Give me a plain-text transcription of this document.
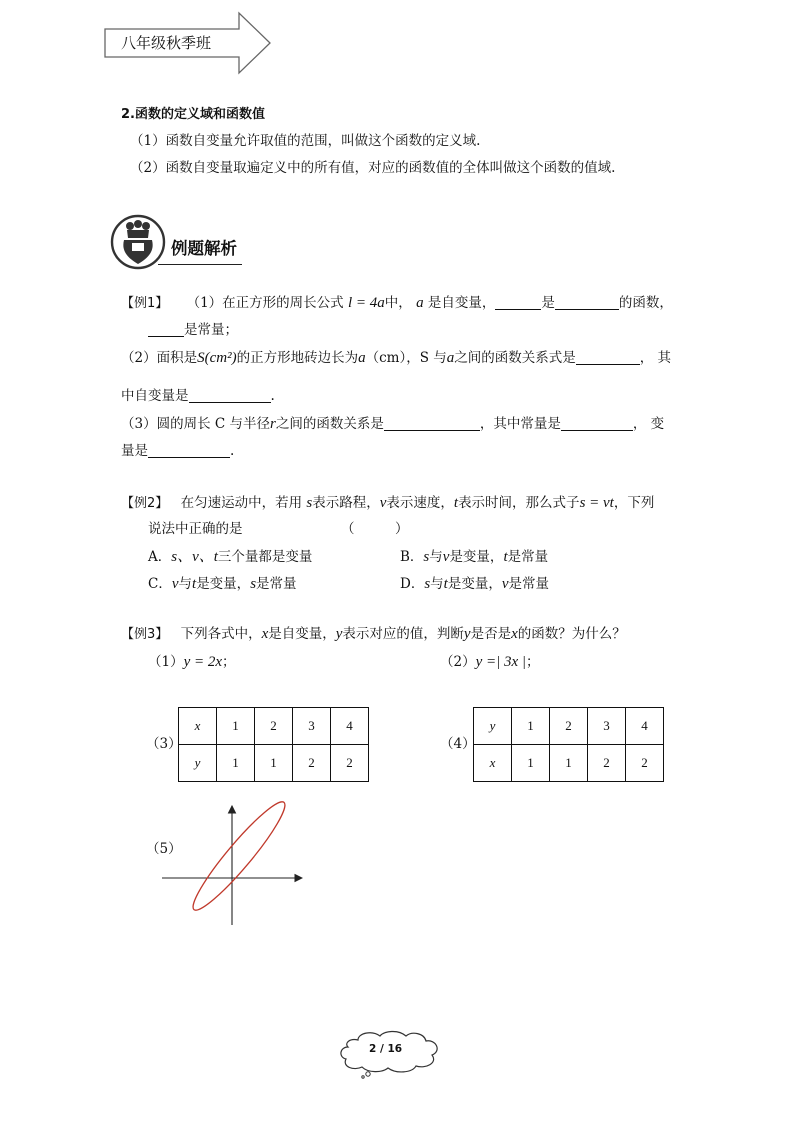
八年级秋季班
2.函数的定义域和函数值
（1）函数自变量允许取值的范围，叫做这个函数的定义域.
（2）函数自变量取遍定义中的所有值，对应的函数值的全体叫做这个函数的值域.
例题解析
【例1】 （1）在正方形的周长公式 l = 4a中， a 是自变量，	是	的函数，
是常量；
（2）面积是S(cm²)的正方形地砖边长为a（cm），S 与a之间的函数关系式是	， 其
中自变量是	.
（3）圆的周长 C 与半径r之间的函数关系是	，其中常量是	， 变
量是	.
【例2】 在匀速运动中，若用 s表示路程，v表示速度，t表示时间，那么式子s = vt，下列
说法中正确的是	（　　　）
A．s、v、t三个量都是变量	B．s与v是变量，t是常量
C．v与t是变量，s是常量	D．s与t是变量，v是常量
【例3】 下列各式中，x是自变量，y表示对应的值，判断y是否是x的函数？为什么？
（1）y = 2x；	（2）y =| 3x |；
（3）
x	1	2	3	4
y	1	1	2	2
（4）
y	1	2	3	4
x	1	1	2	2
（5）
2 / 16
